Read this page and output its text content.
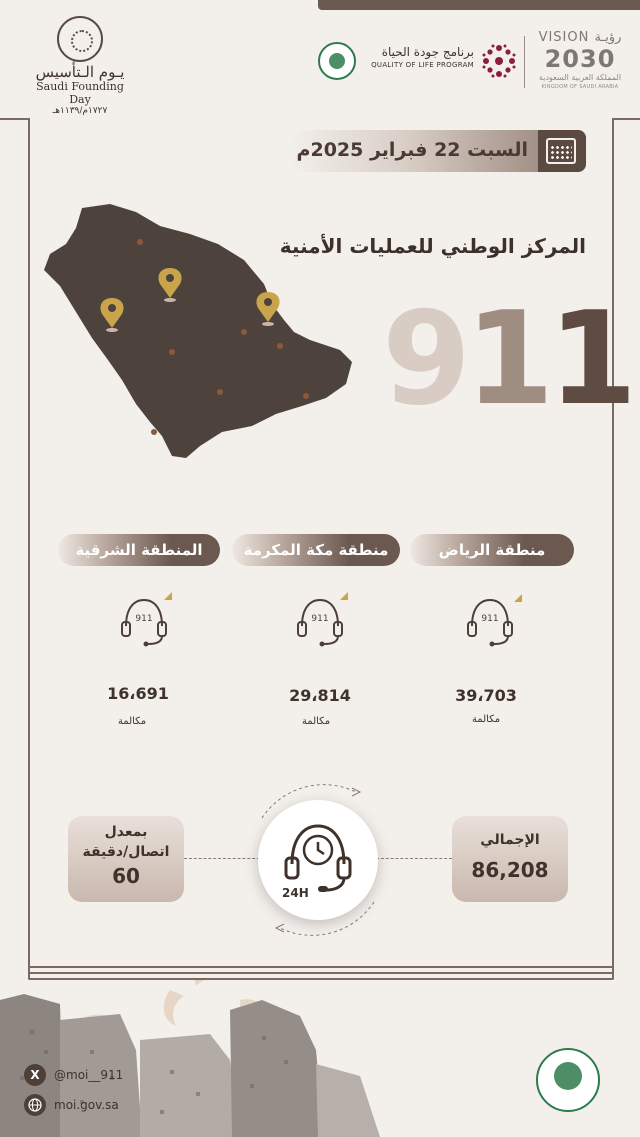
يـوم الـتأسيس
Saudi Founding Day
١٧٢٧م/١١٣٩هـ
برنامج جودة الحياة
QUALITY OF LIFE PROGRAM
VISION رؤيـة
2030
المملكة العربية السعودية
KINGDOM OF SAUDI ARABIA
السبت 22 فبراير 2025م
المركز الوطني للعمليات الأمنية
911
منطقة الرياض
منطقة مكة المكرمة
المنطقة الشرقية
911
911
911
39،703
مكالمة
29،814
مكالمة
16،691
مكالمة
بمعدل
اتصال/دقيقة
60
الإجمالي
86,208
24H
X	@moi__911
moi.gov.sa
